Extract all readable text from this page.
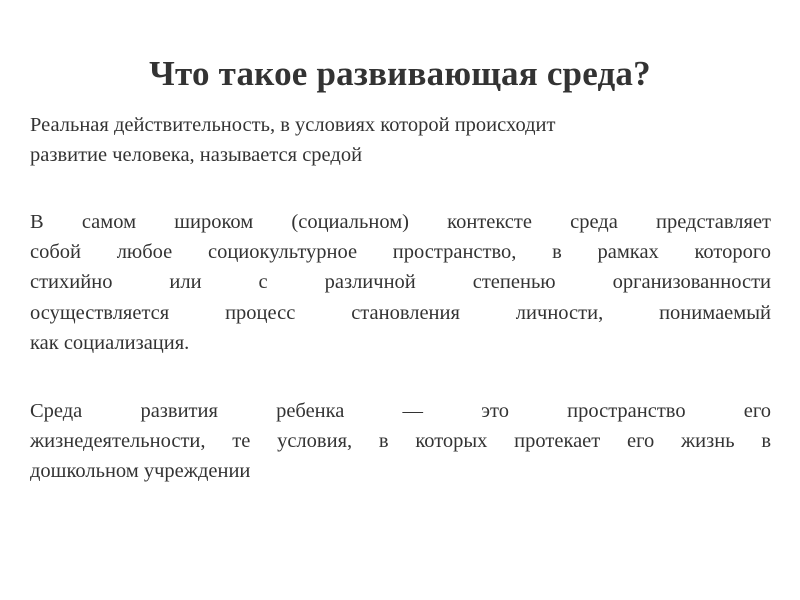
Что такое развивающая среда?
Реальная действительность, в условиях которой происходит
развитие человека, называется средой
В самом широком (социальном) контексте среда представляет
собой любое социокультурное пространство, в рамках которого
стихийно или с различной степенью организованности
осуществляется процесс становления личности, понимаемый
как социализация.
Среда развития ребенка — это пространство его
жизнедеятельности, те условия, в которых протекает его жизнь в
дошкольном учреждении
